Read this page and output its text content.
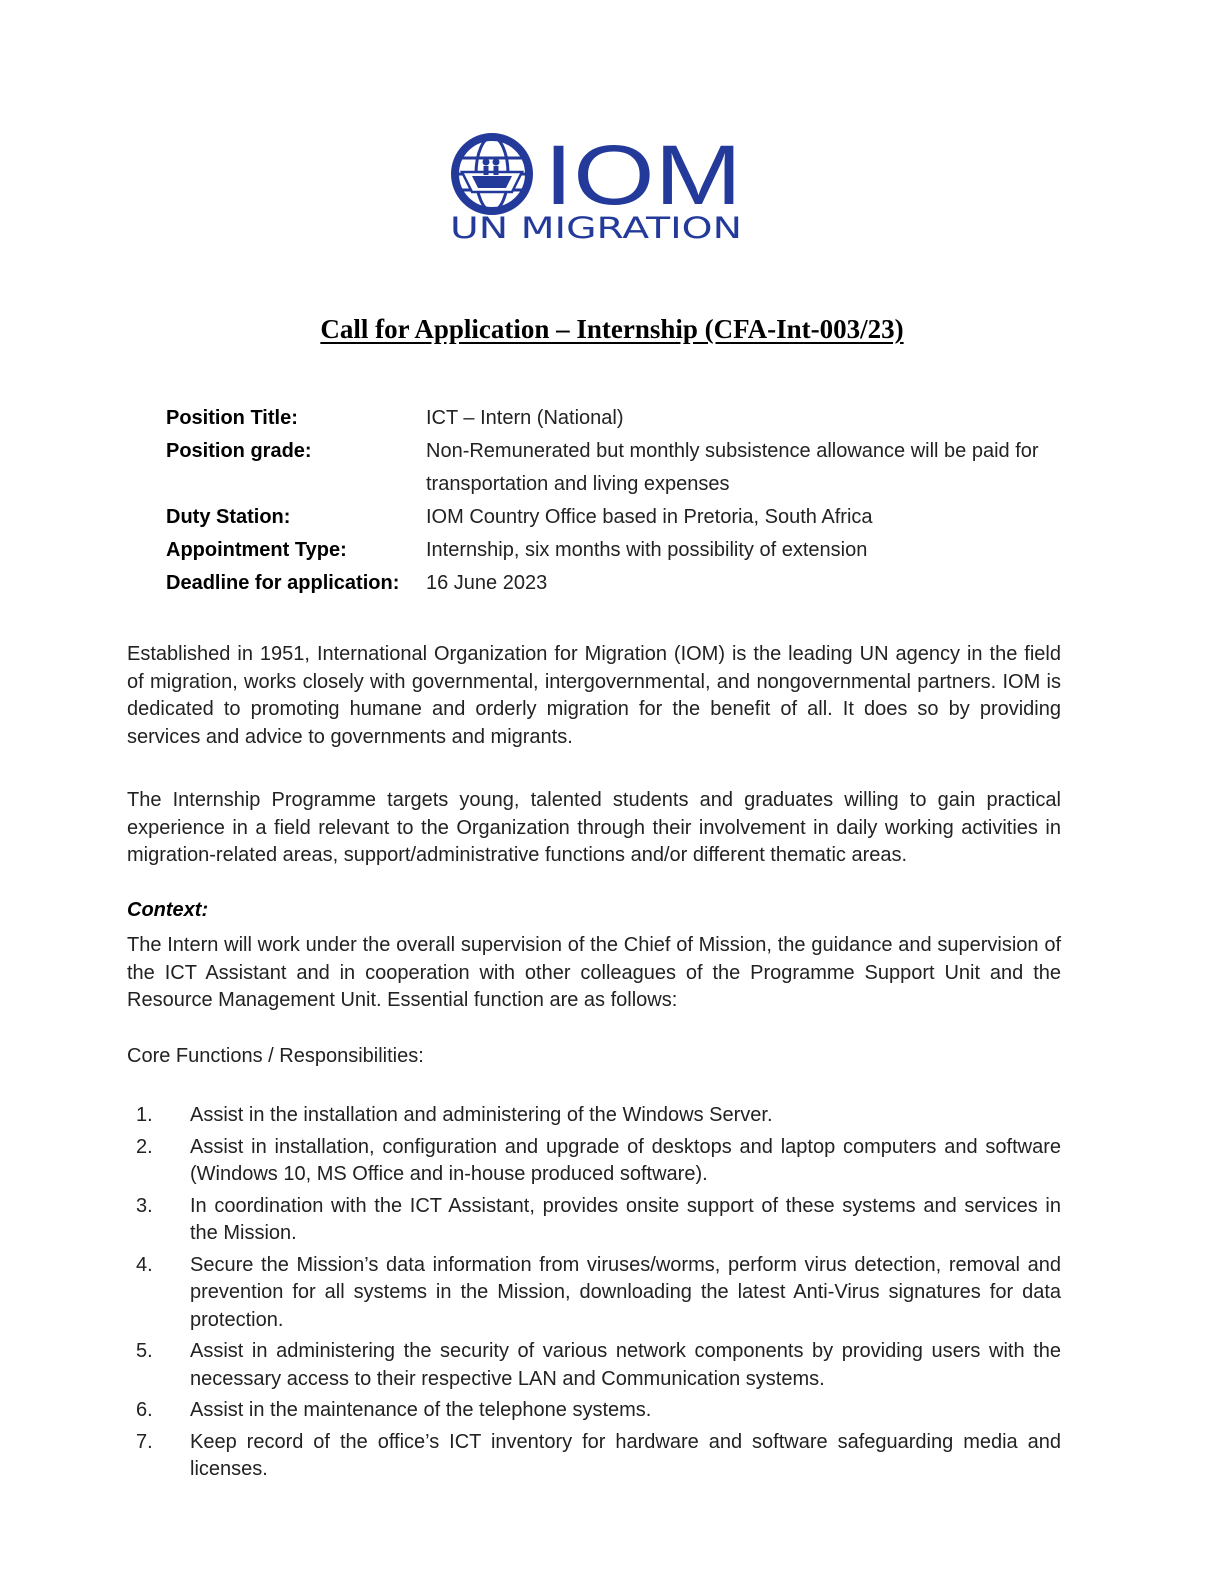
IOM
UN MIGRATION
Call for Application – Internship (CFA-Int-003/23)
Position Title:	ICT – Intern (National)
Position grade:	Non-Remunerated but monthly subsistence allowance will be paid for transportation and living expenses
Duty Station:	IOM Country Office based in Pretoria, South Africa
Appointment Type:	Internship, six months with possibility of extension
Deadline for application:	16 June 2023
Established in 1951, International Organization for Migration (IOM) is the leading UN agency in the field of migration, works closely with governmental, intergovernmental, and nongovernmental partners. IOM is dedicated to promoting humane and orderly migration for the benefit of all. It does so by providing services and advice to governments and migrants.
The Internship Programme targets young, talented students and graduates willing to gain practical experience in a field relevant to the Organization through their involvement in daily working activities in migration-related areas, support/administrative functions and/or different thematic areas.
Context:
The Intern will work under the overall supervision of the Chief of Mission, the guidance and supervision of the ICT Assistant and in cooperation with other colleagues of the Programme Support Unit and the Resource Management Unit. Essential function are as follows:
Core Functions / Responsibilities:
1. Assist in the installation and administering of the Windows Server.
2. Assist in installation, configuration and upgrade of desktops and laptop computers and software (Windows 10, MS Office and in-house produced software).
3. In coordination with the ICT Assistant, provides onsite support of these systems and services in the Mission.
4. Secure the Mission’s data information from viruses/worms, perform virus detection, removal and prevention for all systems in the Mission, downloading the latest Anti-Virus signatures for data protection.
5. Assist in administering the security of various network components by providing users with the necessary access to their respective LAN and Communication systems.
6. Assist in the maintenance of the telephone systems.
7. Keep record of the office’s ICT inventory for hardware and software safeguarding media and licenses.
